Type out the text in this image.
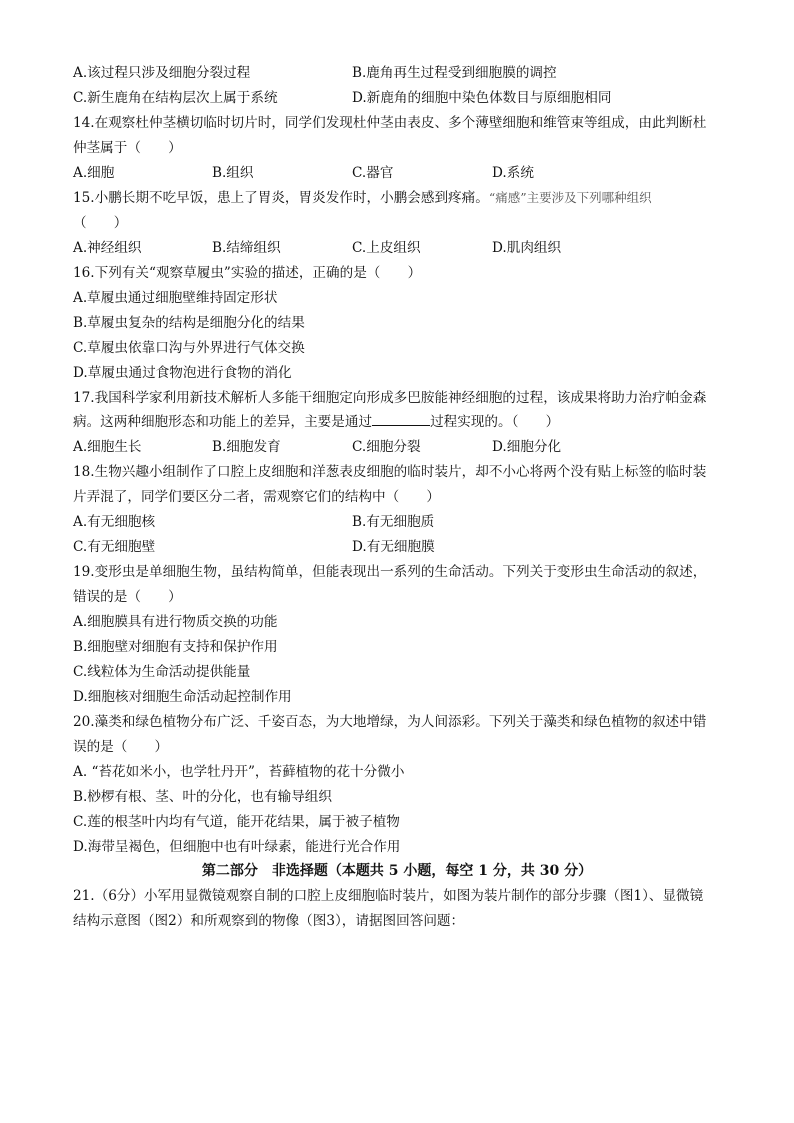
A.该过程只涉及细胞分裂过程	B.鹿角再生过程受到细胞膜的调控
C.新生鹿角在结构层次上属于系统	D.新鹿角的细胞中染色体数目与原细胞相同
14.在观察杜仲茎横切临时切片时，同学们发现杜仲茎由表皮、多个薄壁细胞和维管束等组成，由此判断杜
仲茎属于（　　）
A.细胞	B.组织	C.器官	D.系统
15.小鹏长期不吃早饭，患上了胃炎，胃炎发作时，小鹏会感到疼痛。“痛感”主要涉及下列哪种组织
（　　）
A.神经组织	B.结缔组织	C.上皮组织	D.肌肉组织
16.下列有关“观察草履虫”实验的描述，正确的是（　　）
A.草履虫通过细胞壁维持固定形状
B.草履虫复杂的结构是细胞分化的结果
C.草履虫依靠口沟与外界进行气体交换
D.草履虫通过食物泡进行食物的消化
17.我国科学家利用新技术解析人多能干细胞定向形成多巴胺能神经细胞的过程，该成果将助力治疗帕金森
病。这两种细胞形态和功能上的差异，主要是通过	过程实现的。（　　）
A.细胞生长	B.细胞发育	C.细胞分裂	D.细胞分化
18.生物兴趣小组制作了口腔上皮细胞和洋葱表皮细胞的临时装片，却不小心将两个没有贴上标签的临时装
片弄混了，同学们要区分二者，需观察它们的结构中（　　）
A.有无细胞核	B.有无细胞质
C.有无细胞壁	D.有无细胞膜
19.变形虫是单细胞生物，虽结构简单，但能表现出一系列的生命活动。下列关于变形虫生命活动的叙述，
错误的是（　　）
A.细胞膜具有进行物质交换的功能
B.细胞壁对细胞有支持和保护作用
C.线粒体为生命活动提供能量
D.细胞核对细胞生命活动起控制作用
20.藻类和绿色植物分布广泛、千姿百态，为大地增绿，为人间添彩。下列关于藻类和绿色植物的叙述中错
误的是（　　）
A. “苔花如米小，也学牡丹开”，苔藓植物的花十分微小
B.桫椤有根、茎、叶的分化，也有输导组织
C.莲的根茎叶内均有气道，能开花结果，属于被子植物
D.海带呈褐色，但细胞中也有叶绿素，能进行光合作用
第二部分　非选择题（本题共 5 小题，每空 1 分，共 30 分）
21.（6分）小军用显微镜观察自制的口腔上皮细胞临时装片，如图为装片制作的部分步骤（图1）、显微镜
结构示意图（图2）和所观察到的物像（图3），请据图回答问题：
